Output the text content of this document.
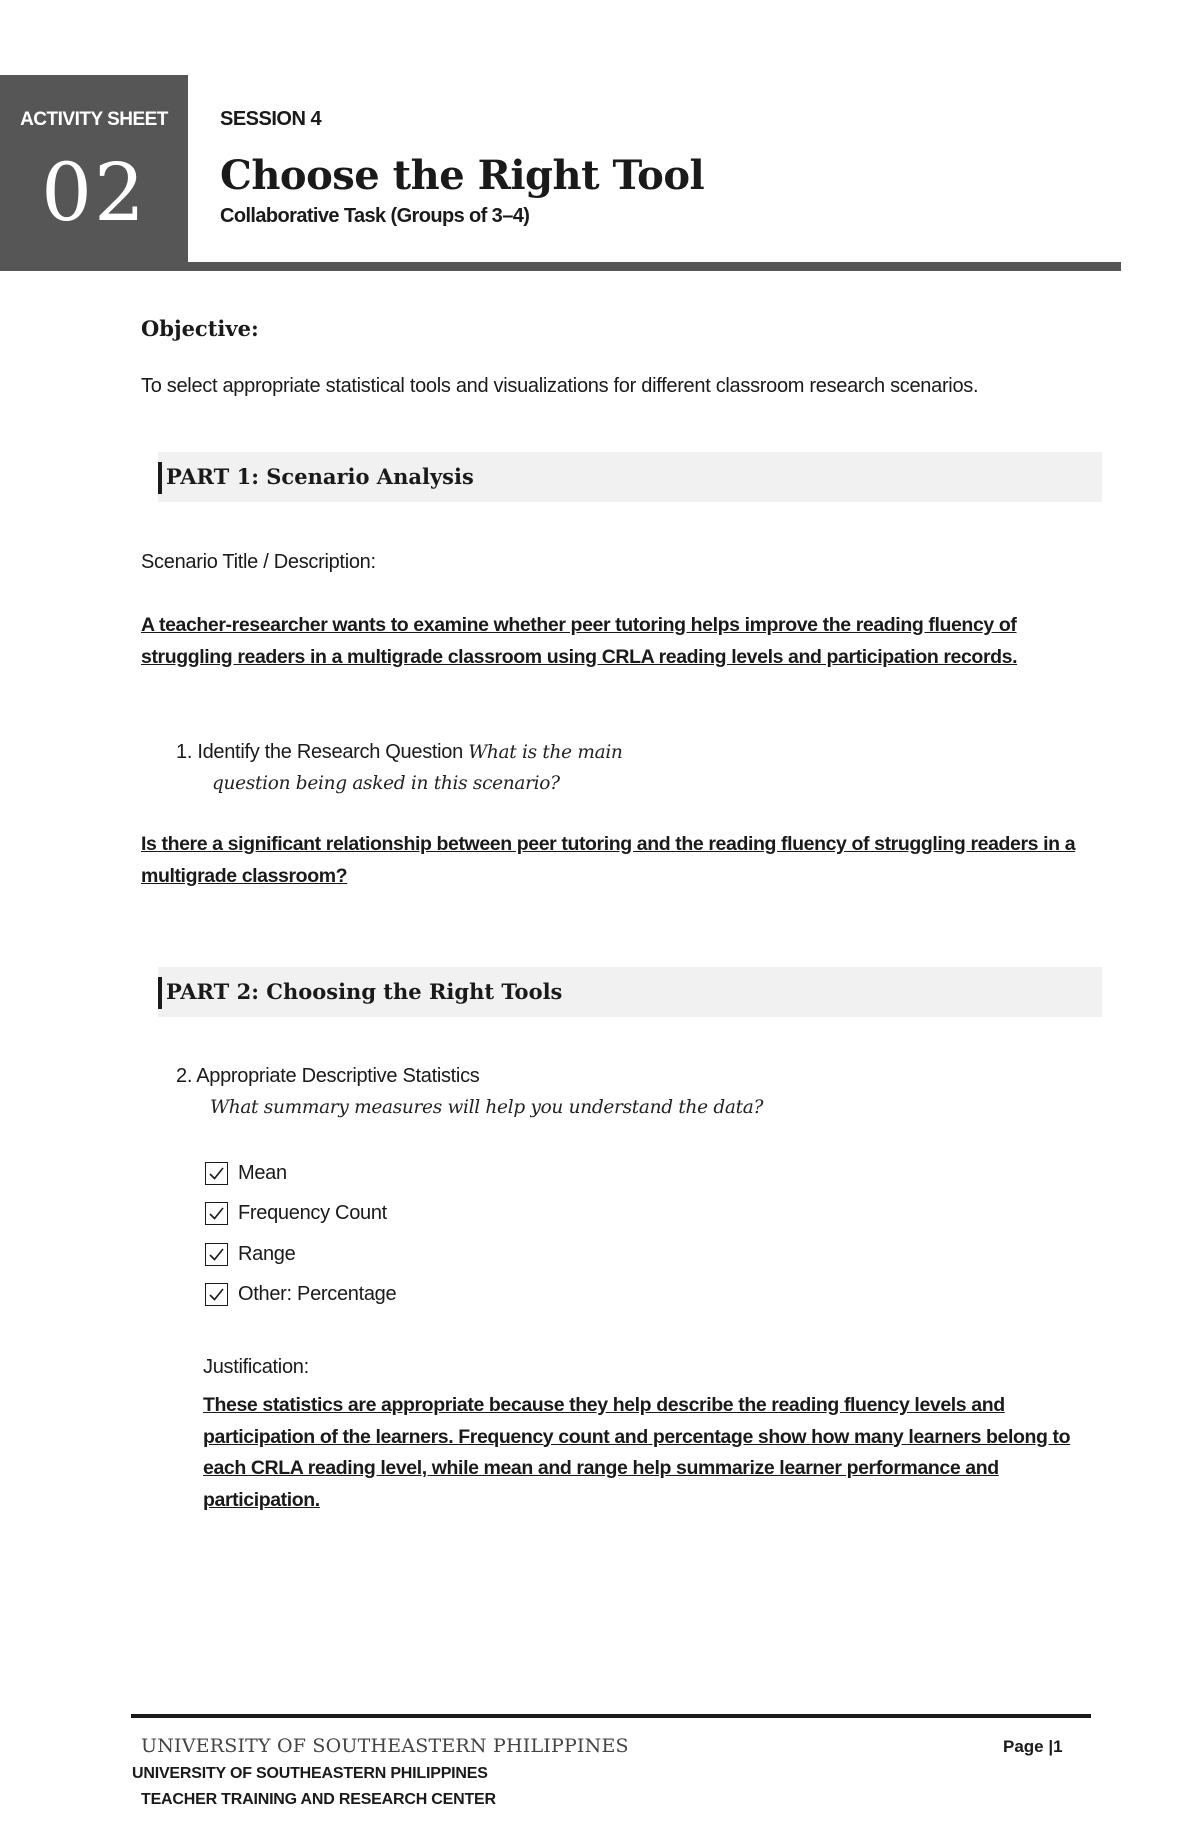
ACTIVITY SHEET
02
SESSION 4
Choose the Right Tool
Collaborative Task (Groups of 3–4)
Objective:
To select appropriate statistical tools and visualizations for different classroom research scenarios.
PART 1: Scenario Analysis
Scenario Title / Description:
A teacher-researcher wants to examine whether peer tutoring helps improve the reading fluency of struggling readers in a multigrade classroom using CRLA reading levels and participation records.
1. Identify the Research Question What is the main
question being asked in this scenario?
Is there a significant relationship between peer tutoring and the reading fluency of struggling readers in a multigrade classroom?
PART 2: Choosing the Right Tools
2. Appropriate Descriptive Statistics
What summary measures will help you understand the data?
Mean
Frequency Count
Range
Other: Percentage
Justification:
These statistics are appropriate because they help describe the reading fluency levels and participation of the learners. Frequency count and percentage show how many learners belong to each CRLA reading level, while mean and range help summarize learner performance and participation.
UNIVERSITY OF SOUTHEASTERN PHILIPPINES	Page |1
UNIVERSITY OF SOUTHEASTERN PHILIPPINES
TEACHER TRAINING AND RESEARCH CENTER
